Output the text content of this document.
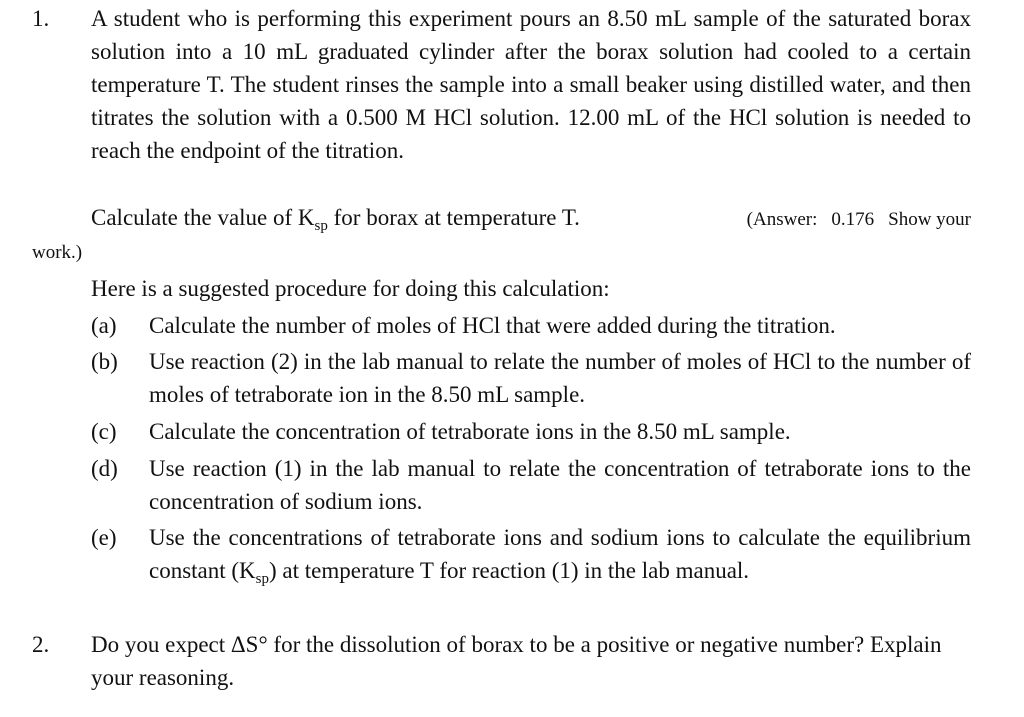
1.	A student who is performing this experiment pours an 8.50 mL sample of the saturated borax solution into a 10 mL graduated cylinder after the borax solution had cooled to a certain temperature T. The student rinses the sample into a small beaker using distilled water, and then titrates the solution with a 0.500 M HCl solution. 12.00 mL of the HCl solution is needed to reach the endpoint of the titration.
Calculate the value of $K_{sp}$ for borax at temperature T.	(Answer: 0.176 Show your
work.)
Here is a suggested procedure for doing this calculation:
(a)	Calculate the number of moles of HCl that were added during the titration.
(b)	Use reaction (2) in the lab manual to relate the number of moles of HCl to the number of moles of tetraborate ion in the 8.50 mL sample.
(c)	Calculate the concentration of tetraborate ions in the 8.50 mL sample.
(d)	Use reaction (1) in the lab manual to relate the concentration of tetraborate ions to the concentration of sodium ions.
(e)	Use the concentrations of tetraborate ions and sodium ions to calculate the equilibrium constant $(K_{sp})$ at temperature T for reaction (1) in the lab manual.
2.	Do you expect ΔS° for the dissolution of borax to be a positive or negative number? Explain your reasoning.
